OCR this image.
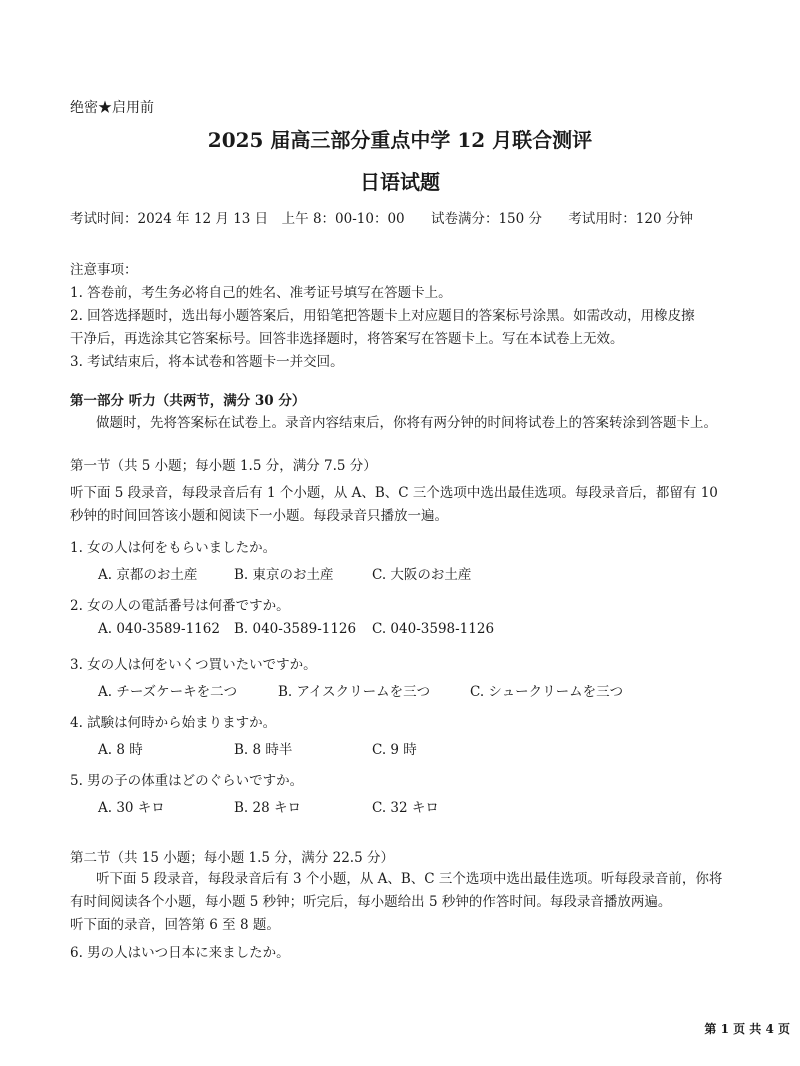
绝密★启用前
2025 届高三部分重点中学 12 月联合测评
日语试题
考试时间：2024 年 12 月 13 日　上午 8：00-10：00 试卷满分：150 分 考试用时：120 分钟
注意事项：
1. 答卷前，考生务必将自己的姓名、准考证号填写在答题卡上。
2. 回答选择题时，选出每小题答案后，用铅笔把答题卡上对应题目的答案标号涂黑。如需改动，用橡皮擦
干净后，再选涂其它答案标号。回答非选择题时，将答案写在答题卡上。写在本试卷上无效。
3. 考试结束后，将本试卷和答题卡一并交回。
第一部分 听力（共两节，满分 30 分）
做题时，先将答案标在试卷上。录音内容结束后，你将有两分钟的时间将试卷上的答案转涂到答题卡上。
第一节（共 5 小题；每小题 1.5 分，满分 7.5 分）
听下面 5 段录音，每段录音后有 1 个小题，从 A、B、C 三个选项中选出最佳选项。每段录音后，都留有 10
秒钟的时间回答该小题和阅读下一小题。每段录音只播放一遍。
1. 女の人は何をもらいましたか。
A. 京都のお土産	B. 東京のお土産	C. 大阪のお土産
2. 女の人の電話番号は何番ですか。
A. 040-3589-1162 B. 040-3589-1126 C. 040-3598-1126
3. 女の人は何をいくつ買いたいですか。
A. チーズケーキを二つ	B. アイスクリームを三つ	C. シュークリームを三つ
4. 試験は何時から始まりますか。
A. 8 時	B. 8 時半	C. 9 時
5. 男の子の体重はどのぐらいですか。
A. 30 キロ	B. 28 キロ	C. 32 キロ
第二节（共 15 小题；每小题 1.5 分，满分 22.5 分）
听下面 5 段录音，每段录音后有 3 个小题，从 A、B、C 三个选项中选出最佳选项。听每段录音前，你将
有时间阅读各个小题，每小题 5 秒钟；听完后，每小题给出 5 秒钟的作答时间。每段录音播放两遍。
听下面的录音，回答第 6 至 8 题。
6. 男の人はいつ日本に来ましたか。
第 1 页 共 4 页
